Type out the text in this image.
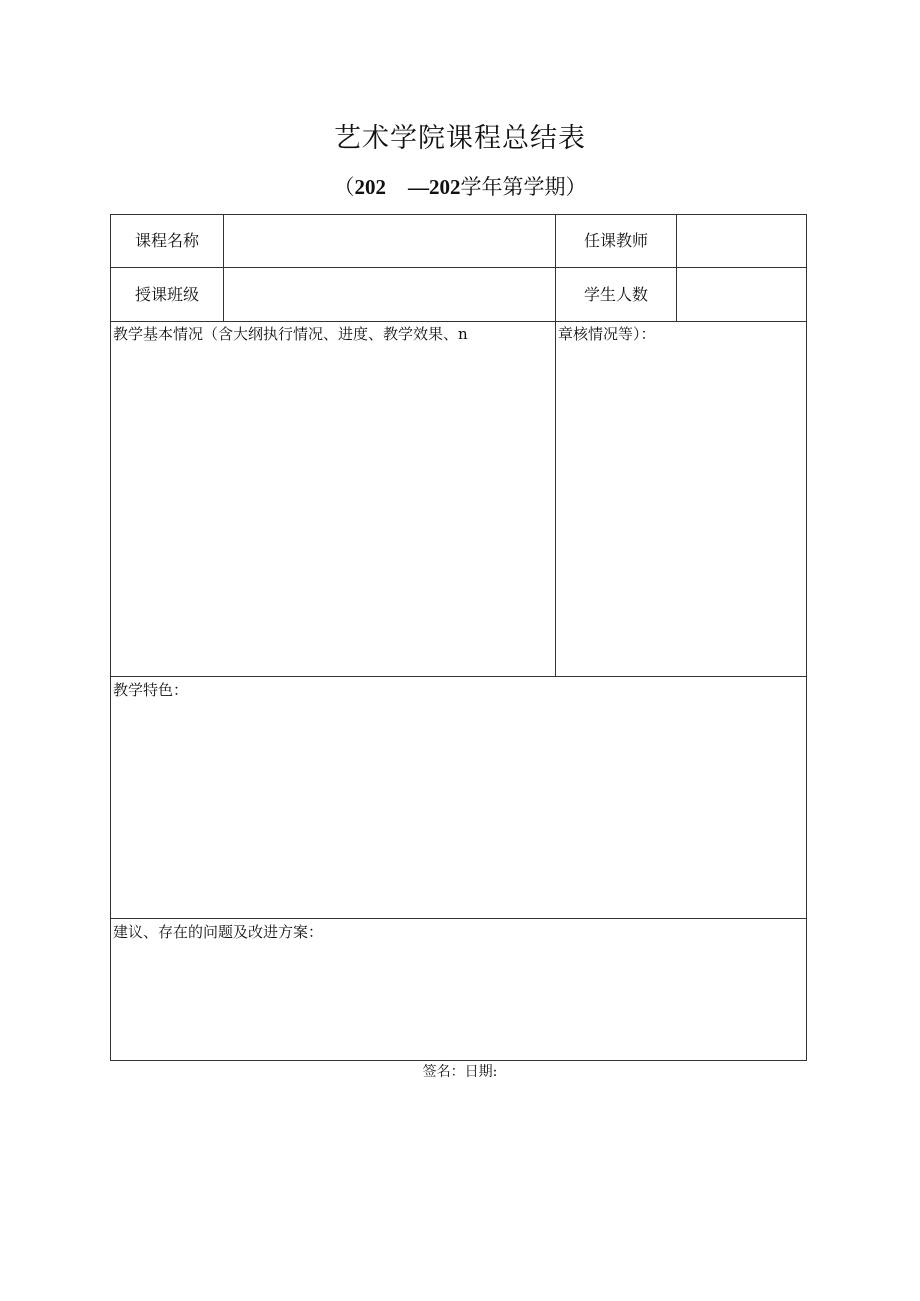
艺术学院课程总结表
（202 —202学年第学期）
课程名称	任课教师
授课班级	学生人数
教学基本情况（含大纲执行情况、进度、教学效果、n	章核情况等）：
教学特色：
建议、存在的问题及改进方案：
签名：日期:
